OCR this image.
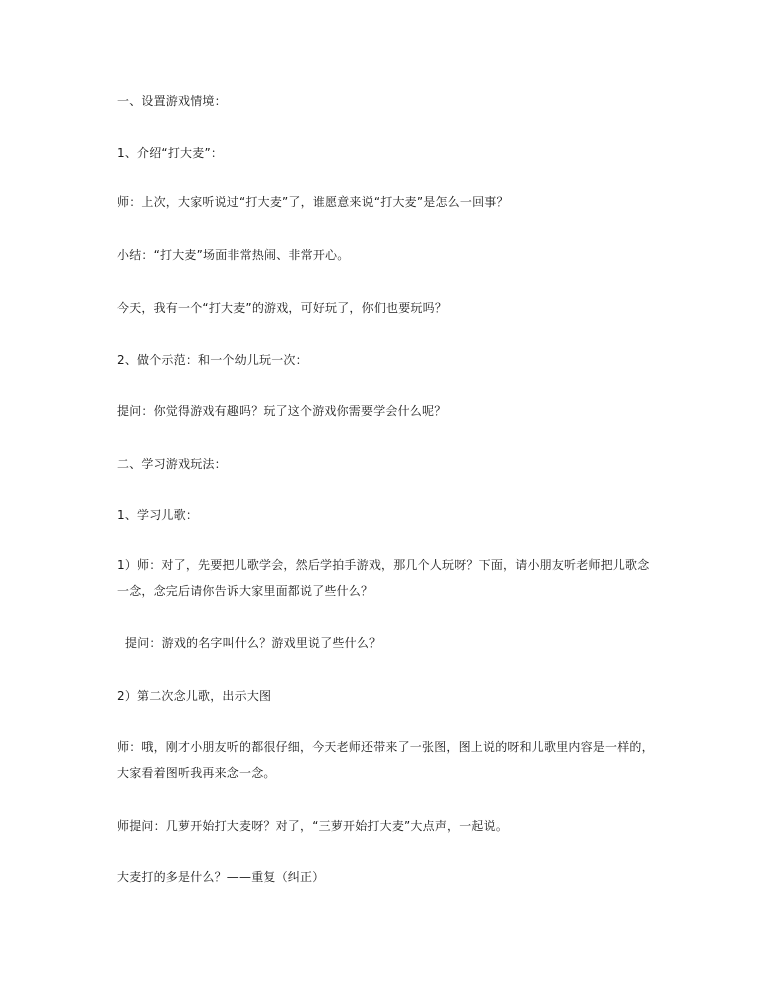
一、设置游戏情境：

1、介绍“打大麦”：

师：上次，大家听说过“打大麦”了，谁愿意来说“打大麦”是怎么一回事？

小结：“打大麦”场面非常热闹、非常开心。

今天，我有一个“打大麦”的游戏，可好玩了，你们也要玩吗？

2、做个示范：和一个幼儿玩一次：

提问：你觉得游戏有趣吗？玩了这个游戏你需要学会什么呢？

二、学习游戏玩法：

1、学习儿歌：

1）师：对了，先要把儿歌学会，然后学拍手游戏，那几个人玩呀？下面，请小朋友听老师把儿歌念一念，念完后请你告诉大家里面都说了些什么？

提问：游戏的名字叫什么？游戏里说了些什么？

2）第二次念儿歌，出示大图

师：哦，刚才小朋友听的都很仔细，今天老师还带来了一张图，图上说的呀和儿歌里内容是一样的，大家看着图听我再来念一念。

师提问：几萝开始打大麦呀？对了，“三萝开始打大麦”大点声，一起说。

大麦打的多是什么？——重复（纠正）
